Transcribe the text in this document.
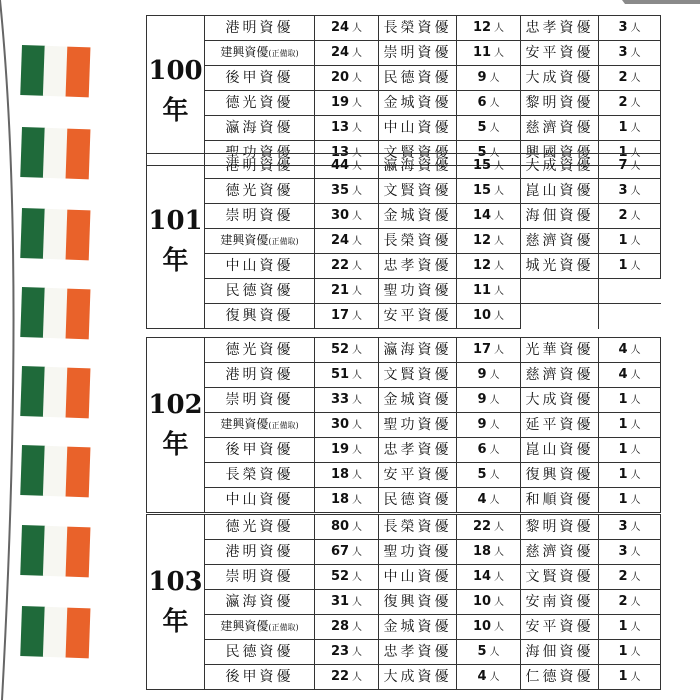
100
年	港明資優	24 人	長榮資優	12 人	忠孝資優	3 人
	建興資優(正備取)	24 人	崇明資優	11 人	安平資優	3 人
	後甲資優	20 人	民德資優	9 人	大成資優	2 人
	德光資優	19 人	金城資優	6 人	黎明資優	2 人
	瀛海資優	13 人	中山資優	5 人	慈濟資優	1 人
	聖功資優	13 人	文賢資優	5 人	興國資優	1 人
101
年	港明資優	44 人	瀛海資優	15 人	大成資優	7 人
	德光資優	35 人	文賢資優	15 人	崑山資優	3 人
	崇明資優	30 人	金城資優	14 人	海佃資優	2 人
	建興資優(正備取)	24 人	長榮資優	12 人	慈濟資優	1 人
	中山資優	22 人	忠孝資優	12 人	城光資優	1 人
	民德資優	21 人	聖功資優	11 人		
	復興資優	17 人	安平資優	10 人		
102
年	德光資優	52 人	瀛海資優	17 人	光華資優	4 人
	港明資優	51 人	文賢資優	9 人	慈濟資優	4 人
	崇明資優	33 人	金城資優	9 人	大成資優	1 人
	建興資優(正備取)	30 人	聖功資優	9 人	延平資優	1 人
	後甲資優	19 人	忠孝資優	6 人	崑山資優	1 人
	長榮資優	18 人	安平資優	5 人	復興資優	1 人
	中山資優	18 人	民德資優	4 人	和順資優	1 人
103
年	德光資優	80 人	長榮資優	22 人	黎明資優	3 人
	港明資優	67 人	聖功資優	18 人	慈濟資優	3 人
	崇明資優	52 人	中山資優	14 人	文賢資優	2 人
	瀛海資優	31 人	復興資優	10 人	安南資優	2 人
	建興資優(正備取)	28 人	金城資優	10 人	安平資優	1 人
	民德資優	23 人	忠孝資優	5 人	海佃資優	1 人
	後甲資優	22 人	大成資優	4 人	仁德資優	1 人
